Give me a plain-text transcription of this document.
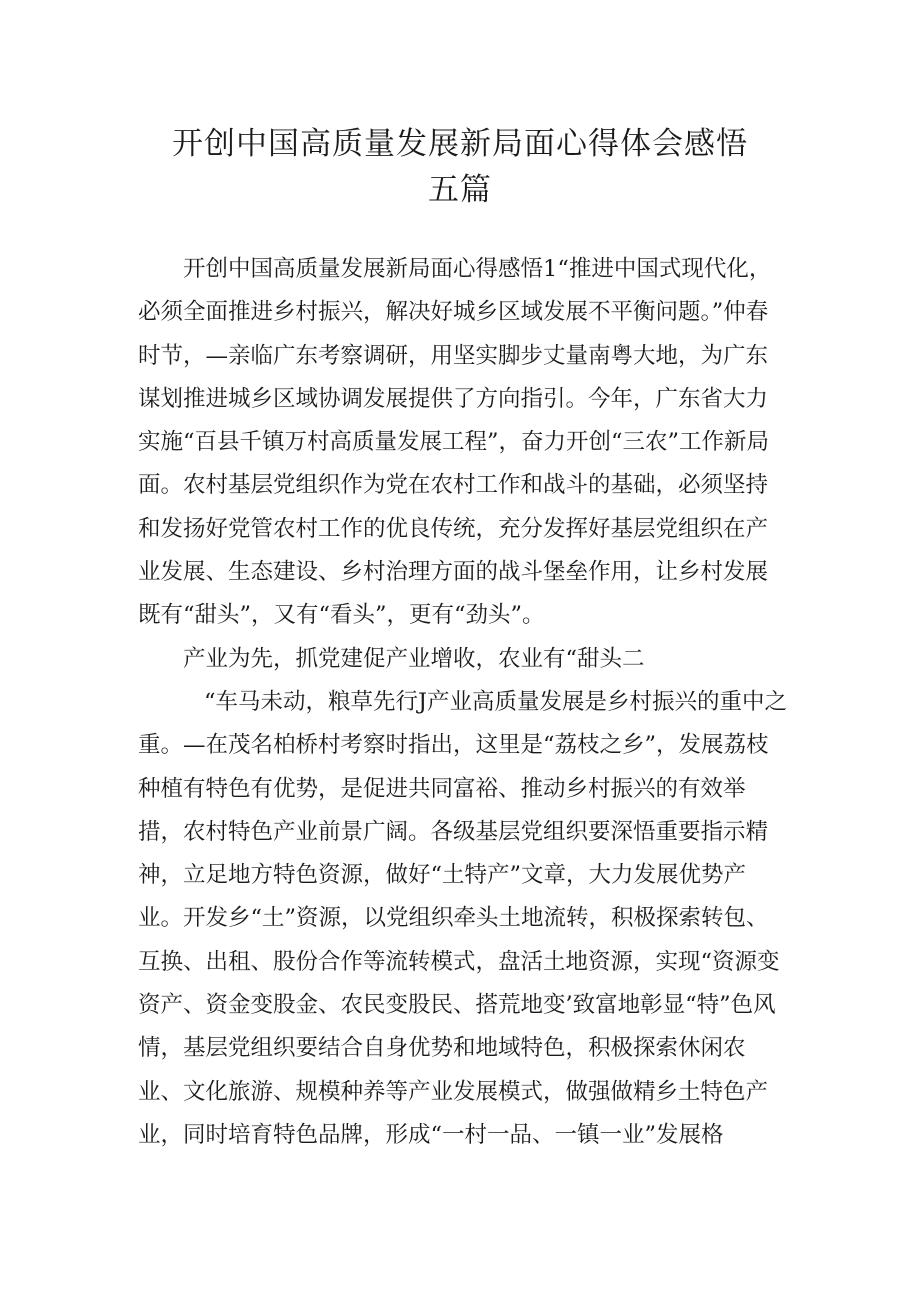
开创中国高质量发展新局面心得体会感悟
五篇

开创中国高质量发展新局面心得感悟1“推进中国式现代化，必须全面推进乡村振兴，解决好城乡区域发展不平衡问题。”仲春时节，—亲临广东考察调研，用坚实脚步丈量南粤大地，为广东谋划推进城乡区域协调发展提供了方向指引。今年，广东省大力实施“百县千镇万村高质量发展工程”，奋力开创“三农”工作新局面。农村基层党组织作为党在农村工作和战斗的基础，必须坚持和发扬好党管农村工作的优良传统，充分发挥好基层党组织在产业发展、生态建设、乡村治理方面的战斗堡垒作用，让乡村发展既有“甜头”，又有“看头”，更有“劲头”。

产业为先，抓党建促产业增收，农业有“甜头二

“车马未动，粮草先行J产业高质量发展是乡村振兴的重中之重。—在茂名柏桥村考察时指出，这里是“荔枝之乡”，发展荔枝种植有特色有优势，是促进共同富裕、推动乡村振兴的有效举措，农村特色产业前景广阔。各级基层党组织要深悟重要指示精神，立足地方特色资源，做好“土特产”文章，大力发展优势产业。开发乡“土”资源，以党组织牵头土地流转，积极探索转包、互换、出租、股份合作等流转模式，盘活土地资源，实现“资源变资产、资金变股金、农民变股民、搭荒地变’致富地彰显“特”色风情，基层党组织要结合自身优势和地域特色，积极探索休闲农业、文化旅游、规模种养等产业发展模式，做强做精乡土特色产业，同时培育特色品牌，形成“一村一品、一镇一业”发展格
